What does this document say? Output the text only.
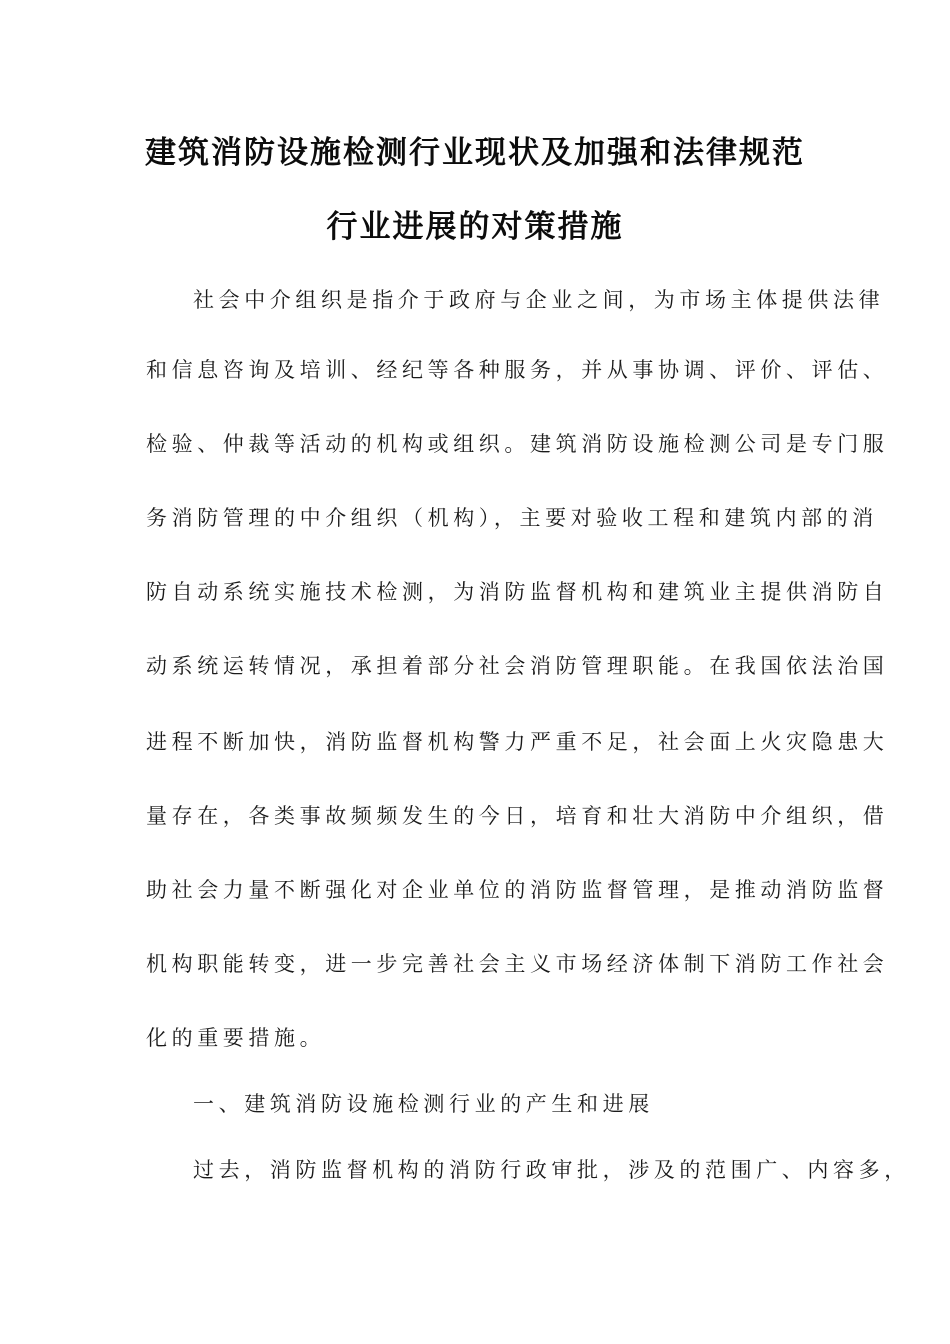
建筑消防设施检测行业现状及加强和法律规范
行业进展的对策措施
社会中介组织是指介于政府与企业之间，为市场主体提供法律
和信息咨询及培训、经纪等各种服务，并从事协调、评价、评估、
检验、仲裁等活动的机构或组织。建筑消防设施检测公司是专门服
务消防管理的中介组织（机构），主要对验收工程和建筑内部的消
防自动系统实施技术检测，为消防监督机构和建筑业主提供消防自
动系统运转情况，承担着部分社会消防管理职能。在我国依法治国
进程不断加快，消防监督机构警力严重不足，社会面上火灾隐患大
量存在，各类事故频频发生的今日，培育和壮大消防中介组织，借
助社会力量不断强化对企业单位的消防监督管理，是推动消防监督
机构职能转变，进一步完善社会主义市场经济体制下消防工作社会
化的重要措施。
一、建筑消防设施检测行业的产生和进展
过去，消防监督机构的消防行政审批，涉及的范围广、内容多，
